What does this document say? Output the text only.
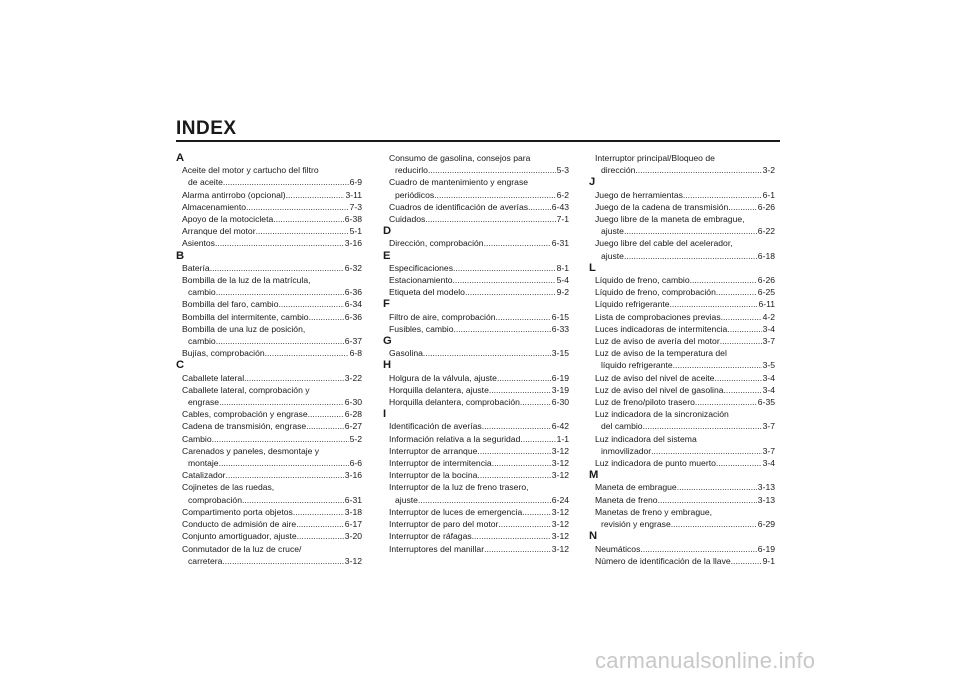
INDEX
A
Aceite del motor y cartucho del filtro
de aceite .....	6-9
Alarma antirrobo (opcional) .....	3-11
Almacenamiento .....	7-3
Apoyo de la motocicleta .....	6-38
Arranque del motor .....	5-1
Asientos .....	3-16
B
Batería .....	6-32
Bombilla de la luz de la matrícula,
cambio .....	6-36
Bombilla del faro, cambio .....	6-34
Bombilla del intermitente, cambio .....	6-36
Bombilla de una luz de posición,
cambio .....	6-37
Bujías, comprobación .....	6-8
C
Caballete lateral .....	3-22
Caballete lateral, comprobación y
engrase .....	6-30
Cables, comprobación y engrase .....	6-28
Cadena de transmisión, engrase .....	6-27
Cambio .....	5-2
Carenados y paneles, desmontaje y
montaje .....	6-6
Catalizador .....	3-16
Cojinetes de las ruedas,
comprobación .....	6-31
Compartimento porta objetos .....	3-18
Conducto de admisión de aire .....	6-17
Conjunto amortiguador, ajuste .....	3-20
Conmutador de la luz de cruce/
carretera .....	3-12
Consumo de gasolina, consejos para
reducirlo .....	5-3
Cuadro de mantenimiento y engrase
periódicos .....	6-2
Cuadros de identificación de averías .....	6-43
Cuidados .....	7-1
D
Dirección, comprobación .....	6-31
E
Especificaciones .....	8-1
Estacionamiento .....	5-4
Etiqueta del modelo .....	9-2
F
Filtro de aire, comprobación .....	6-15
Fusibles, cambio .....	6-33
G
Gasolina .....	3-15
H
Holgura de la válvula, ajuste .....	6-19
Horquilla delantera, ajuste .....	3-19
Horquilla delantera, comprobación .....	6-30
I
Identificación de averías .....	6-42
Información relativa a la seguridad .....	1-1
Interruptor de arranque .....	3-12
Interruptor de intermitencia .....	3-12
Interruptor de la bocina .....	3-12
Interruptor de la luz de freno trasero,
ajuste .....	6-24
Interruptor de luces de emergencia .....	3-12
Interruptor de paro del motor .....	3-12
Interruptor de ráfagas .....	3-12
Interruptores del manillar .....	3-12
Interruptor principal/Bloqueo de
dirección .....	3-2
J
Juego de herramientas .....	6-1
Juego de la cadena de transmisión .....	6-26
Juego libre de la maneta de embrague,
ajuste .....	6-22
Juego libre del cable del acelerador,
ajuste .....	6-18
L
Líquido de freno, cambio .....	6-26
Líquido de freno, comprobación .....	6-25
Líquido refrigerante .....	6-11
Lista de comprobaciones previas .....	4-2
Luces indicadoras de intermitencia .....	3-4
Luz de aviso de avería del motor .....	3-7
Luz de aviso de la temperatura del
líquido refrigerante .....	3-5
Luz de aviso del nivel de aceite .....	3-4
Luz de aviso del nivel de gasolina .....	3-4
Luz de freno/piloto trasero .....	6-35
Luz indicadora de la sincronización
del cambio .....	3-7
Luz indicadora del sistema
inmovilizador .....	3-7
Luz indicadora de punto muerto .....	3-4
M
Maneta de embrague .....	3-13
Maneta de freno .....	3-13
Manetas de freno y embrague,
revisión y engrase .....	6-29
N
Neumáticos .....	6-19
Número de identificación de la llave .....	9-1

carmanualsonline.info
